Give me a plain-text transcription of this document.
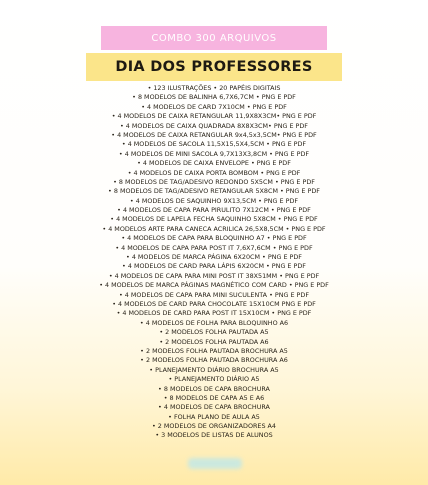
COMBO 300 ARQUIVOS
DIA DOS PROFESSORES
• 123 ILUSTRAÇÕES • 20 PAPÉIS DIGITAIS
• 8 MODELOS DE BALINHA 6,7X6,7CM • PNG E PDF
• 4 MODELOS DE CARD 7X10CM • PNG E PDF
• 4 MODELOS DE CAIXA RETANGULAR 11,9X8X3CM• PNG E PDF
• 4 MODELOS DE CAIXA QUADRADA 8X8X3CM• PNG E PDF
• 4 MODELOS DE CAIXA RETANGULAR 9x4,5x3,5CM• PNG E PDF
• 4 MODELOS DE SACOLA 11,5X15,5X4,5CM • PNG E PDF
• 4 MODELOS DE MINI SACOLA 9,7X13X3,8CM • PNG E PDF
• 4 MODELOS DE CAIXA ENVELOPE • PNG E PDF
• 4 MODELOS DE CAIXA PORTA BOMBOM • PNG E PDF
• 8 MODELOS DE TAG/ADESIVO REDONDO 5X5CM • PNG E PDF
• 8 MODELOS DE TAG/ADESIVO RETANGULAR 5X8CM • PNG E PDF
• 4 MODELOS DE SAQUINHO 9X13,5CM • PNG E PDF
• 4 MODELOS DE CAPA PARA PIRULITO 7X12CM • PNG E PDF
• 4 MODELOS DE LAPELA FECHA SAQUINHO 5X8CM • PNG E PDF
• 4 MODELOS ARTE PARA CANECA ACRILICA 26,5X8,5CM • PNG E PDF
• 4 MODELOS DE CAPA PARA BLOQUINHO A7 • PNG E PDF
• 4 MODELOS DE CAPA PARA POST IT 7,6X7,6CM • PNG E PDF
• 4 MODELOS DE MARCA PÁGINA 6X20CM • PNG E PDF
• 4 MODELOS DE CARD PARA LÁPIS 6X20CM • PNG E PDF
• 4 MODELOS DE CAPA PARA MINI POST IT 38X51MM • PNG E PDF
• 4 MODELOS DE MARCA PÁGINAS MAGNÉTICO COM CARD • PNG E PDF
• 4 MODELOS DE CAPA PARA MINI SUCULENTA • PNG E PDF
• 4 MODELOS DE CARD PARA CHOCOLATE 15X10CM PNG E PDF
• 4 MODELOS DE CARD PARA POST IT 15X10CM • PNG E PDF
• 4 MODELOS DE FOLHA PARA BLOQUINHO A6
• 2 MODELOS FOLHA PAUTADA A5
• 2 MODELOS FOLHA PAUTADA A6
• 2 MODELOS FOLHA PAUTADA BROCHURA A5
• 2 MODELOS FOLHA PAUTADA BROCHURA A6
• PLANEJAMENTO DIÁRIO BROCHURA A5
• PLANEJAMENTO DIÁRIO A5
• 8 MODELOS DE CAPA BROCHURA
• 8 MODELOS DE CAPA A5 E A6
• 4 MODELOS DE CAPA BROCHURA
• FOLHA PLANO DE AULA A5
• 2 MODELOS DE ORGANIZADORES A4
• 3 MODELOS DE LISTAS DE ALUNOS
